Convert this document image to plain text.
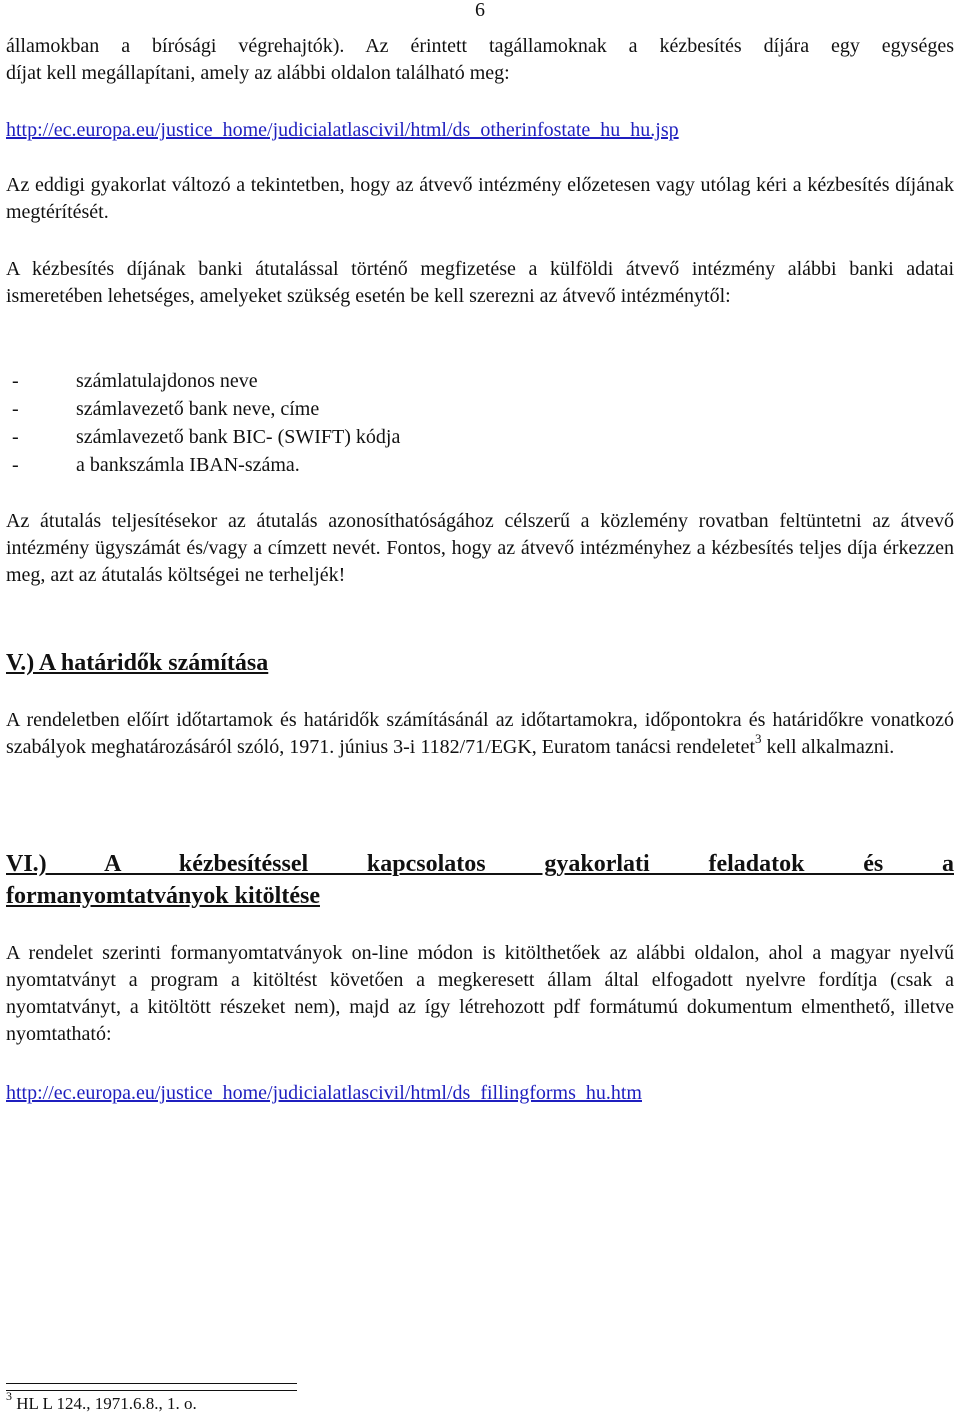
6

államokban a bírósági végrehajtók). Az érintett tagállamoknak a kézbesítés díjára egy egységes

díjat kell megállapítani, amely az alábbi oldalon található meg:

http://ec.europa.eu/justice_home/judicialatlascivil/html/ds_otherinfostate_hu_hu.jsp

Az eddigi gyakorlat változó a tekintetben, hogy az átvevő intézmény előzetesen vagy utólag kéri a kézbesítés díjának megtérítését.

A kézbesítés díjának banki átutalással történő megfizetése a külföldi átvevő intézmény alábbi banki adatai ismeretében lehetséges, amelyeket szükség esetén be kell szerezni az átvevő intézménytől:

-	számlatulajdonos neve
-	számlavezető bank neve, címe
-	számlavezető bank BIC- (SWIFT) kódja
-	a bankszámla IBAN-száma.

Az átutalás teljesítésekor az átutalás azonosíthatóságához célszerű a közlemény rovatban feltüntetni az átvevő intézmény ügyszámát és/vagy a címzett nevét. Fontos, hogy az átvevő intézményhez a kézbesítés teljes díja érkezzen meg, azt az átutalás költségei ne terheljék!

V.) A határidők számítása

A rendeletben előírt időtartamok és határidők számításánál az időtartamokra, időpontokra és határidőkre vonatkozó szabályok meghatározásáról szóló, 1971. június 3-i 1182/71/EGK, Euratom tanácsi rendeletet$^3$ kell alkalmazni.

VI.) A kézbesítéssel kapcsolatos gyakorlati feladatok és a
formanyomtatványok kitöltése

A rendelet szerinti formanyomtatványok on-line módon is kitölthetőek az alábbi oldalon, ahol a magyar nyelvű nyomtatványt a program a kitöltést követően a megkeresett állam által elfogadott nyelvre fordítja (csak a nyomtatványt, a kitöltött részeket nem), majd az így létrehozott pdf formátumú dokumentum elmenthető, illetve nyomtatható:

http://ec.europa.eu/justice_home/judicialatlascivil/html/ds_fillingforms_hu.htm

$^3$ HL L 124., 1971.6.8., 1. o.
